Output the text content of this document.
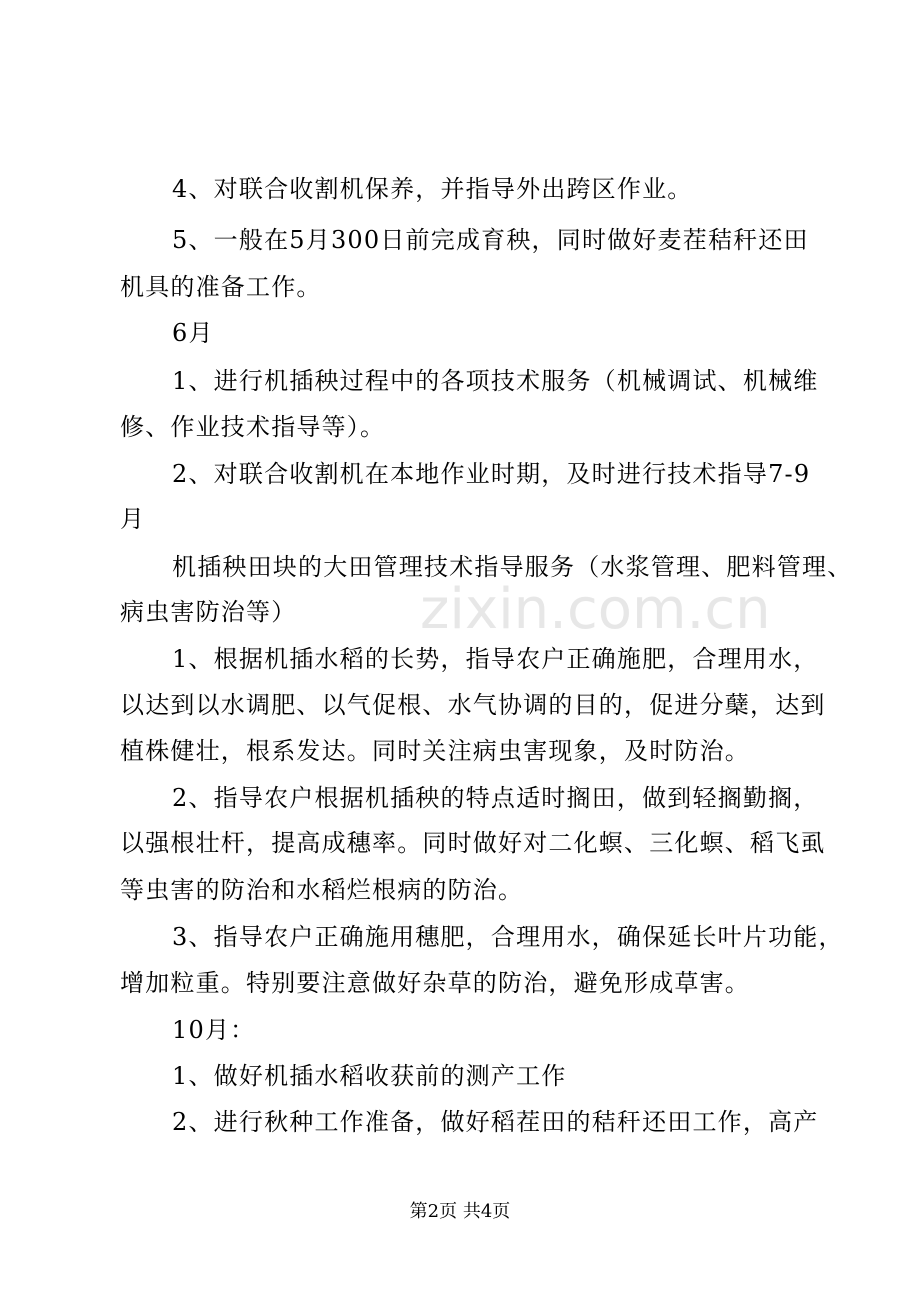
4、对联合收割机保养，并指导外出跨区作业。
5、一般在5月300日前完成育秧，同时做好麦茬秸秆还田
机具的准备工作。
6月
1、进行机插秧过程中的各项技术服务（机械调试、机械维
修、作业技术指导等）。
2、对联合收割机在本地作业时期，及时进行技术指导7-9
月
机插秧田块的大田管理技术指导服务（水浆管理、肥料管理、
病虫害防治等）
1、根据机插水稻的长势，指导农户正确施肥，合理用水，
以达到以水调肥、以气促根、水气协调的目的，促进分蘖，达到
植株健壮，根系发达。同时关注病虫害现象，及时防治。
2、指导农户根据机插秧的特点适时搁田，做到轻搁勤搁，
以强根壮杆，提高成穗率。同时做好对二化螟、三化螟、稻飞虱
等虫害的防治和水稻烂根病的防治。
3、指导农户正确施用穗肥，合理用水，确保延长叶片功能，
增加粒重。特别要注意做好杂草的防治，避免形成草害。
10月：
1、做好机插水稻收获前的测产工作
2、进行秋种工作准备，做好稻茬田的秸秆还田工作，高产
zixin.com.cn
第2页 共4页
